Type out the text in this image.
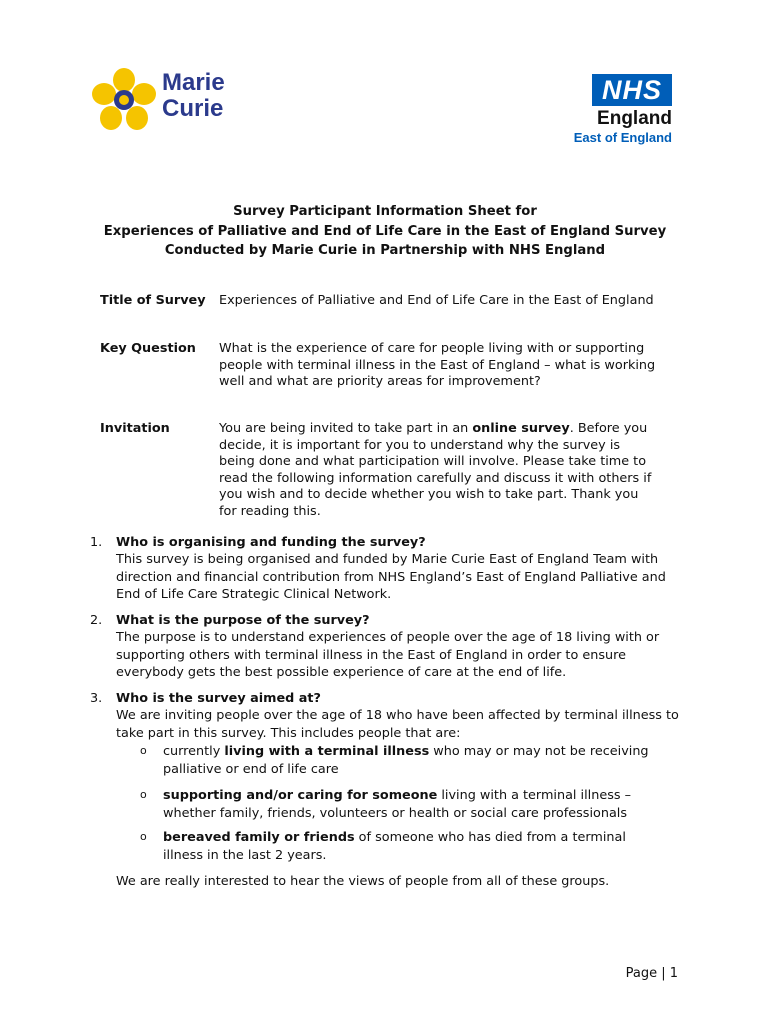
Marie
Curie
NHS
England
East of England
Survey Participant Information Sheet for
Experiences of Palliative and End of Life Care in the East of England Survey
Conducted by Marie Curie in Partnership with NHS England
Title of Survey Experiences of Palliative and End of Life Care in the East of England
Key Question What is the experience of care for people living with or supporting people with terminal illness in the East of England – what is working well and what are priority areas for improvement?
Invitation	You are being invited to take part in an online survey. Before you decide, it is important for you to understand why the survey is being done and what participation will involve. Please take time to read the following information carefully and discuss it with others if you wish and to decide whether you wish to take part. Thank you for reading this.
1. Who is organising and funding the survey?
This survey is being organised and funded by Marie Curie East of England Team with direction and financial contribution from NHS England’s East of England Palliative and End of Life Care Strategic Clinical Network.
2. What is the purpose of the survey?
The purpose is to understand experiences of people over the age of 18 living with or supporting others with terminal illness in the East of England in order to ensure everybody gets the best possible experience of care at the end of life.
3. Who is the survey aimed at?
We are inviting people over the age of 18 who have been affected by terminal illness to take part in this survey. This includes people that are:
o currently living with a terminal illness who may or may not be receiving palliative or end of life care
o supporting and/or caring for someone living with a terminal illness – whether family, friends, volunteers or health or social care professionals
o bereaved family or friends of someone who has died from a terminal illness in the last 2 years.
We are really interested to hear the views of people from all of these groups.
Page | 1
